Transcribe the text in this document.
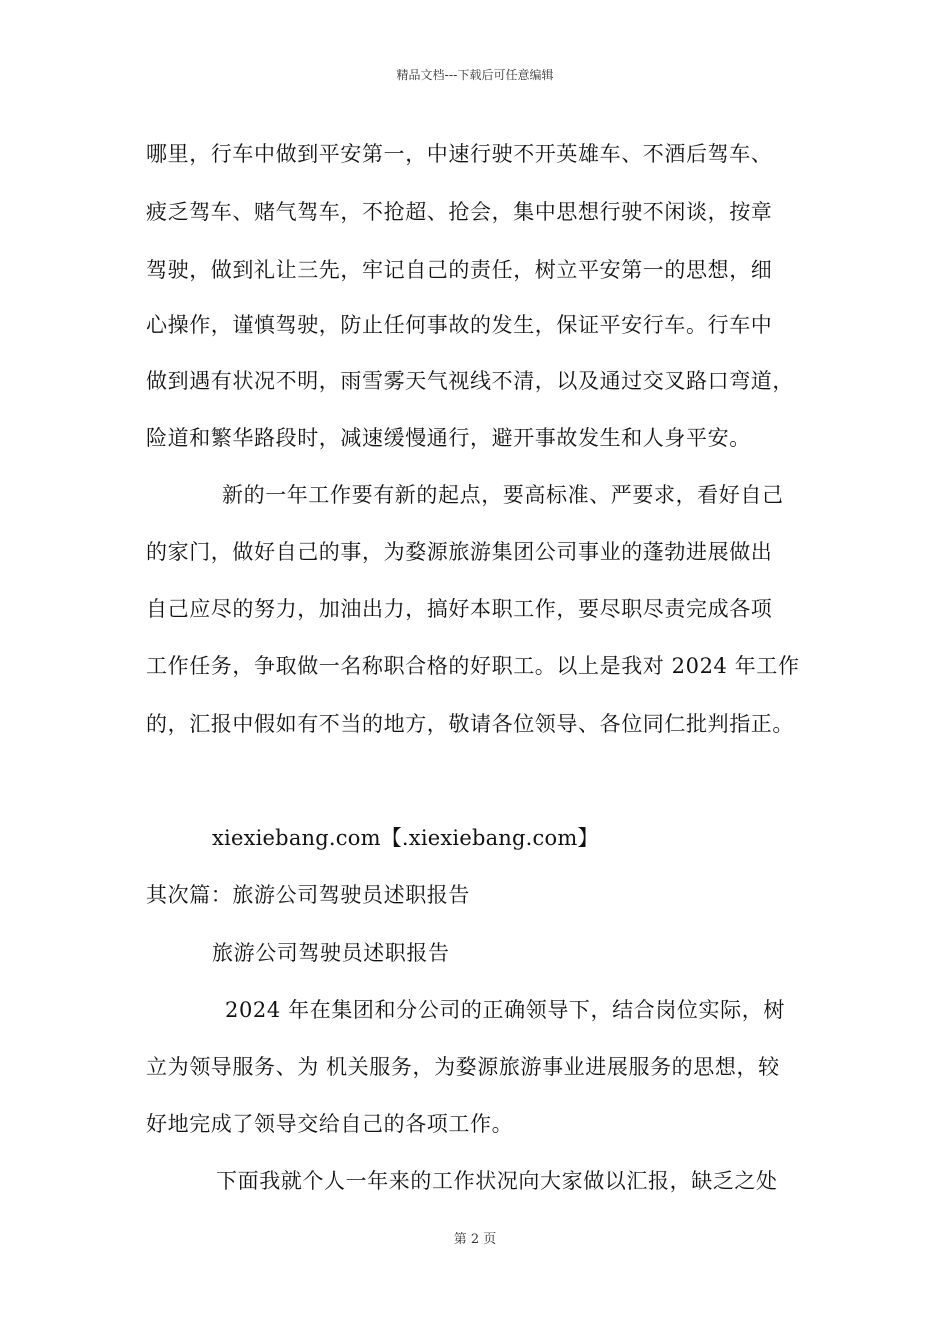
精品文档---下载后可任意编辑
哪里，行车中做到平安第一，中速行驶不开英雄车、不酒后驾车、
疲乏驾车、赌气驾车，不抢超、抢会，集中思想行驶不闲谈，按章
驾驶，做到礼让三先，牢记自己的责任，树立平安第一的思想，细
心操作，谨慎驾驶，防止任何事故的发生，保证平安行车。行车中
做到遇有状况不明，雨雪雾天气视线不清，以及通过交叉路口弯道，
险道和繁华路段时，减速缓慢通行，避开事故发生和人身平安。
新的一年工作要有新的起点，要高标准、严要求，看好自己
的家门，做好自己的事，为婺源旅游集团公司事业的蓬勃进展做出
自己应尽的努力，加油出力，搞好本职工作，要尽职尽责完成各项
工作任务，争取做一名称职合格的好职工。以上是我对 2024 年工作
的，汇报中假如有不当的地方，敬请各位领导、各位同仁批判指正。
xiexiebang.com【.xiexiebang.com】
其次篇：旅游公司驾驶员述职报告
旅游公司驾驶员述职报告
2024 年在集团和分公司的正确领导下，结合岗位实际，树
立为领导服务、为 机关服务，为婺源旅游事业进展服务的思想，较
好地完成了领导交给自己的各项工作。
下面我就个人一年来的工作状况向大家做以汇报，缺乏之处
第 2 页
